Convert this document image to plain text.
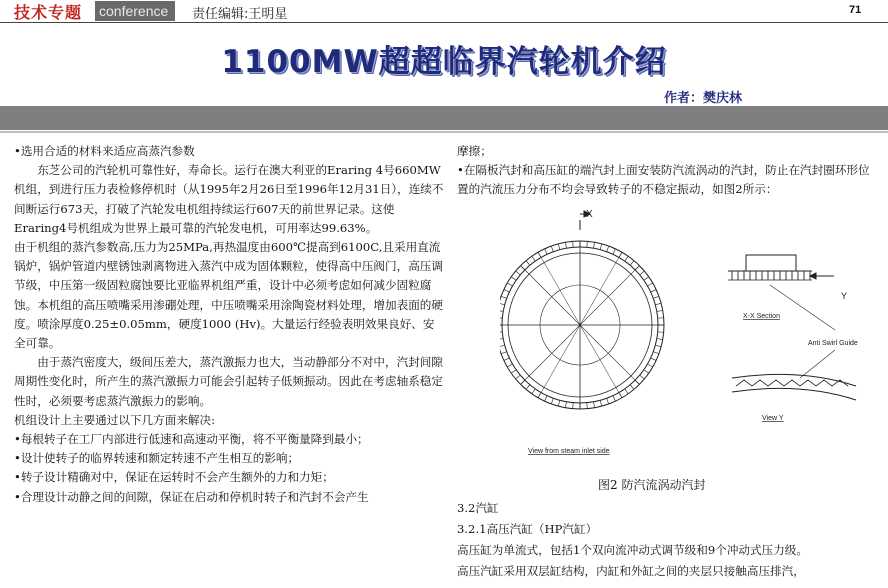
技术专题 conference	责任编辑:王明星	71
1100MW超超临界汽轮机介绍
作者：樊庆林

•选用合适的材料来适应高蒸汽参数

东芝公司的汽轮机可靠性好，寿命长。运行在澳大利亚的Eraring 4号660MW机组，到进行压力表检修停机时（从1995年2月26日至1996年12月31日），连续不间断运行673天，打破了汽轮发电机组持续运行607天的前世界记录。这使Eraring4号机组成为世界上最可靠的汽轮发电机，可用率达99.63%。

由于机组的蒸汽参数高,压力为25MPa,再热温度由600℃提高到6100C,且采用直流锅炉，锅炉管道内壁锈蚀剥离物进入蒸汽中成为固体颗粒，使得高中压阀门，高压调节级，中压第一级固粒腐蚀要比亚临界机组严重，设计中必须考虑如何减少固粒腐蚀。本机组的高压喷嘴采用渗硼处理，中压喷嘴采用涂陶瓷材料处理，增加表面的硬度。喷涂厚度0.25±0.05mm，硬度1000 (Hv)。大量运行经验表明效果良好、安全可靠。

由于蒸汽密度大，级间压差大，蒸汽激振力也大，当动静部分不对中，汽封间隙周期性变化时，所产生的蒸汽激振力可能会引起转子低频振动。因此在考虑轴系稳定性时，必须要考虑蒸汽激振力的影响。

机组设计上主要通过以下几方面来解决:

•每根转子在工厂内部进行低速和高速动平衡，将不平衡量降到最小；

•设计使转子的临界转速和额定转速不产生相互的影响；

•转子设计精确对中，保证在运转时不会产生额外的力和力矩；

•合理设计动静之间的间隙，保证在启动和停机时转子和汽封不会产生

摩擦；

•在隔板汽封和高压缸的端汽封上面安装防汽流涡动的汽封，防止在汽封圈环形位置的汽流压力分布不均会导致转子的不稳定振动，如图2所示：

X
View from steam inlet side
Y
X-X Section
Anti Swirl Guide
View Y
图2 防汽流涡动汽封

3.2汽缸

3.2.1高压汽缸（HP汽缸）

高压缸为单流式，包括1个双向流冲动式调节级和9个冲动式压力级。

高压汽缸采用双层缸结构，内缸和外缸之间的夹层只接触高压排汽，
